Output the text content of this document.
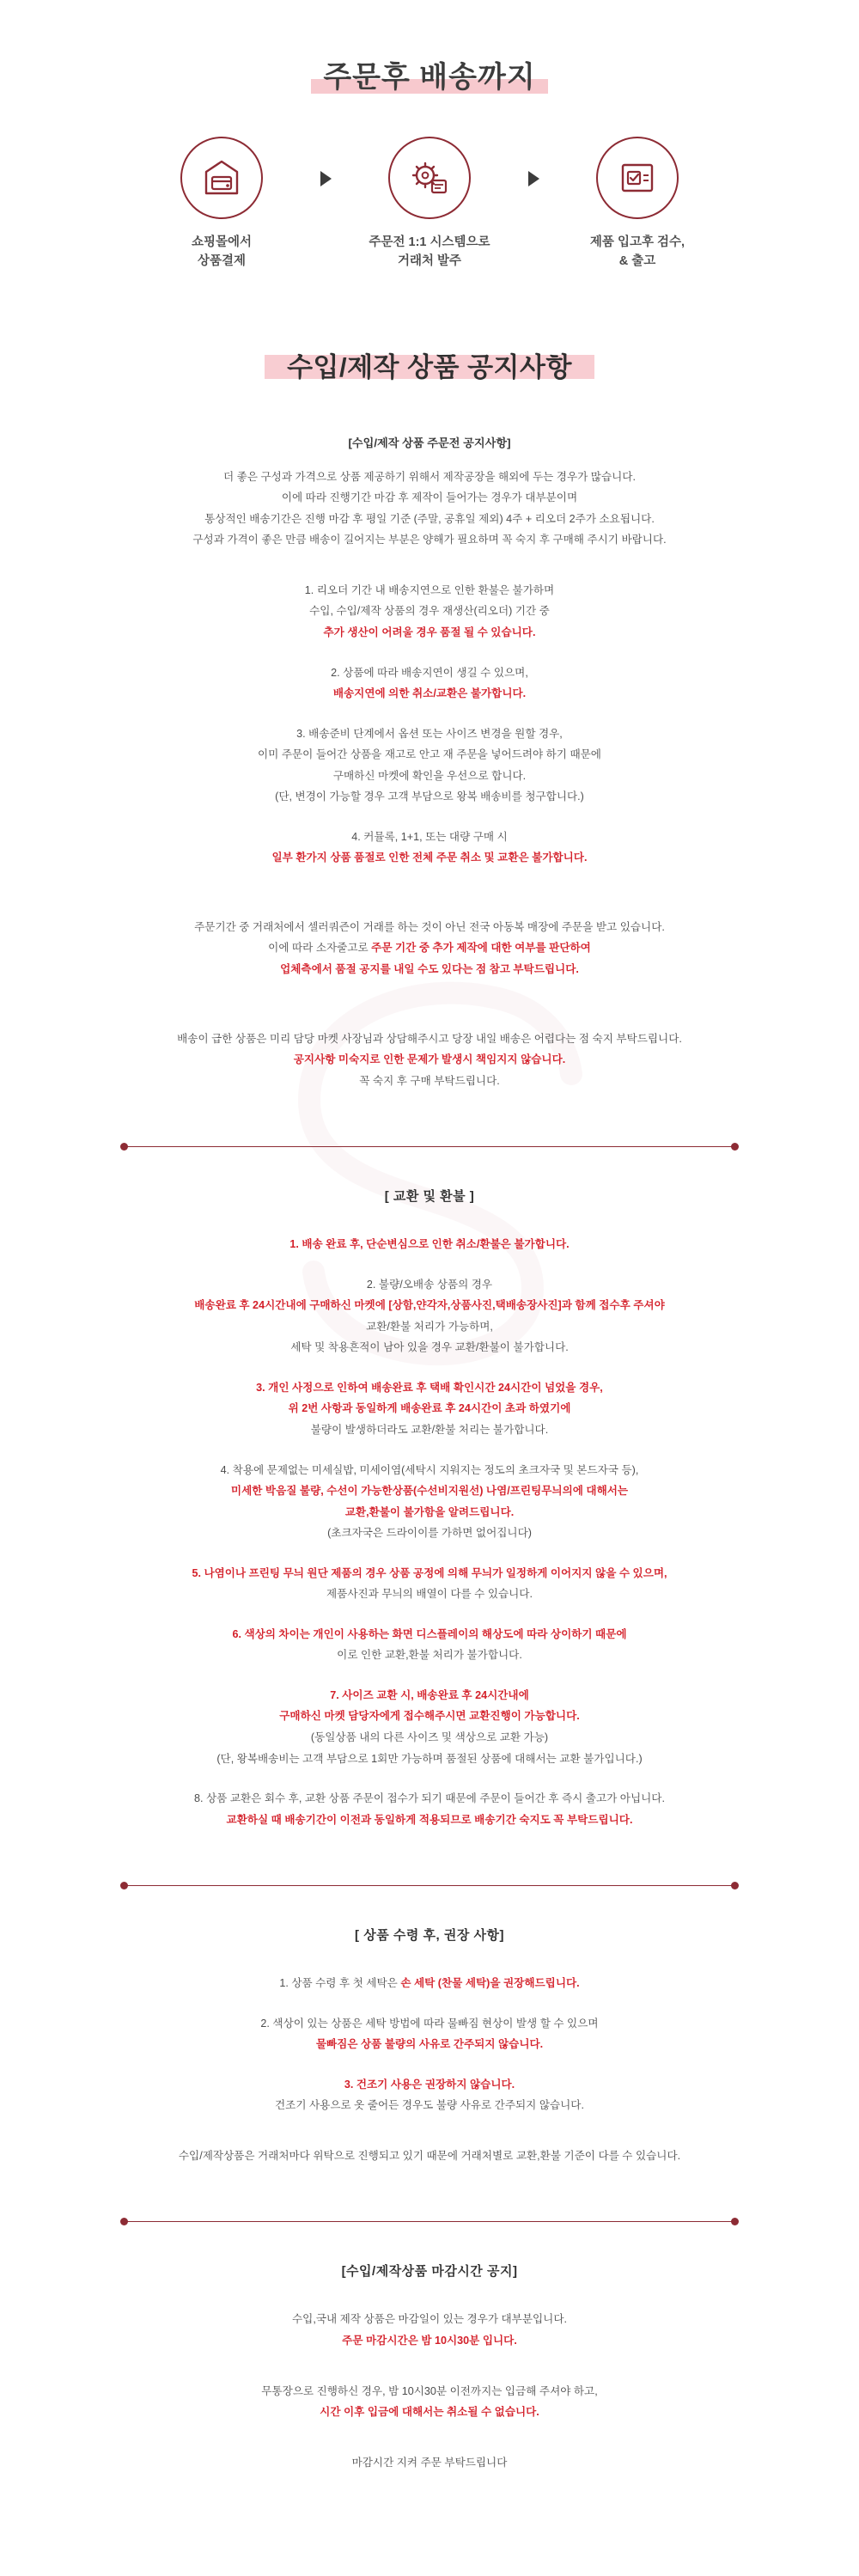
주문후 배송까지
쇼핑몰에서
상품결제
주문전 1:1 시스템으로
거래처 발주
제품 입고후 검수,
& 출고
수입/제작 상품 공지사항
[수입/제작 상품 주문전 공지사항]
더 좋은 구성과 가격으로 상품 제공하기 위해서 제작공장을 해외에 두는 경우가 많습니다.
이에 따라 진행기간 마감 후 제작이 들어가는 경우가 대부분이며
통상적인 배송기간은 진행 마감 후 평일 기준 (주말, 공휴일 제외) 4주 + 리오더 2주가 소요됩니다.
구성과 가격이 좋은 만큼 배송이 길어지는 부분은 양해가 필요하며 꼭 숙지 후 구매해 주시기 바랍니다.
1. 리오더 기간 내 배송지연으로 인한 환불은 불가하며
수입, 수입/제작 상품의 경우 재생산(리오더) 기간 중
추가 생산이 어려울 경우 품절 될 수 있습니다.
2. 상품에 따라 배송지연이 생길 수 있으며,
배송지연에 의한 취소/교환은 불가합니다.
3. 배송준비 단계에서 옵션 또는 사이즈 변경을 원할 경우,
이미 주문이 들어간 상품을 재고로 안고 재 주문을 넣어드려야 하기 때문에
구매하신 마켓에 확인을 우선으로 합니다.
(단, 변경이 가능할 경우 고객 부담으로 왕복 배송비를 청구합니다.)
4. 커뮬록, 1+1, 또는 대량 구매 시
일부 환가지 상품 품절로 인한 전체 주문 취소 및 교환은 불가합니다.
주문기간 중 거래처에서 셀러쿼즌이 거래를 하는 것이 아닌 전국 아동복 매장에 주문을 받고 있습니다.
이에 따라 소자줄고로 주문 기간 중 추가 제작에 대한 여부를 판단하여
업체측에서 품절 공지를 내일 수도 있다는 점 참고 부탁드립니다.
배송이 급한 상품은 미리 담당 마켓 사장님과 상담해주시고 당장 내일 배송은 어렵다는 점 숙지 부탁드립니다.
공지사항 미숙지로 인한 문제가 발생시 책임지지 않습니다.
꼭 숙지 후 구매 부탁드립니다.
[ 교환 및 환불 ]
1. 배송 완료 후, 단순변심으로 인한 취소/환불은 불가합니다.
2. 불량/오배송 상품의 경우
배송완료 후 24시간내에 구매하신 마켓에 [상함,얀각자,상품사진,택배송장사진]과 함께 접수후 주셔야
교환/환불 처리가 가능하며,
세탁 및 착용흔적이 남아 있을 경우 교환/환불이 불가합니다.
3. 개인 사정으로 인하여 배송완료 후 택배 확인시간 24시간이 넘었을 경우,
위 2번 사항과 동일하게 배송완료 후 24시간이 초과 하였기에
불량이 발생하더라도 교환/환불 처리는 불가합니다.
4. 착용에 문제없는 미세실밥, 미세이염(세탁시 지워지는 정도의 초크자국 및 본드자국 등),
미세한 박음질 불량, 수선이 가능한상품(수선비지원선) 나염/프린팅무늬의에 대해서는
교환,환불이 불가함을 알려드립니다.
(초크자국은 드라이이를 가하면 없어집니다)
5. 나염이나 프린팅 무늬 원단 제품의 경우 상품 공정에 의해 무늬가 일정하게 이어지지 않을 수 있으며,
제품사진과 무늬의 배열이 다를 수 있습니다.
6. 색상의 차이는 개인이 사용하는 화면 디스플레이의 해상도에 따라 상이하기 때문에
이로 인한 교환,환불 처리가 불가합니다.
7. 사이즈 교환 시, 배송완료 후 24시간내에
구매하신 마켓 담당자에게 접수해주시면 교환진행이 가능합니다.
(동일상품 내의 다른 사이즈 및 색상으로 교환 가능)
(단, 왕복배송비는 고객 부담으로 1회만 가능하며 품절된 상품에 대해서는 교환 불가입니다.)
8. 상품 교환은 회수 후, 교환 상품 주문이 접수가 되기 때문에 주문이 들어간 후 즉시 출고가 아닙니다.
교환하실 때 배송기간이 이전과 동일하게 적용되므로 배송기간 숙지도 꼭 부탁드립니다.
[ 상품 수령 후, 권장 사항]
1. 상품 수령 후 첫 세탁은 손 세탁 (찬물 세탁)을 권장해드립니다.
2. 색상이 있는 상품은 세탁 방법에 따라 물빠짐 현상이 발생 할 수 있으며
물빠짐은 상품 불량의 사유로 간주되지 않습니다.
3. 건조기 사용은 권장하지 않습니다.
건조기 사용으로 옷 줄어든 경우도 불량 사유로 간주되지 않습니다.
수입/제작상품은 거래처마다 위탁으로 진행되고 있기 때문에 거래처별로 교환,환불 기준이 다를 수 있습니다.
[수입/제작상품 마감시간 공지]
수입,국내 제작 상품은 마감일이 있는 경우가 대부분입니다.
주문 마감시간은 밤 10시30분 입니다.
무통장으로 진행하신 경우, 밤 10시30분 이전까지는 입금해 주셔야 하고,
시간 이후 입금에 대해서는 취소될 수 없습니다.
마감시간 지켜 주문 부탁드립니다
